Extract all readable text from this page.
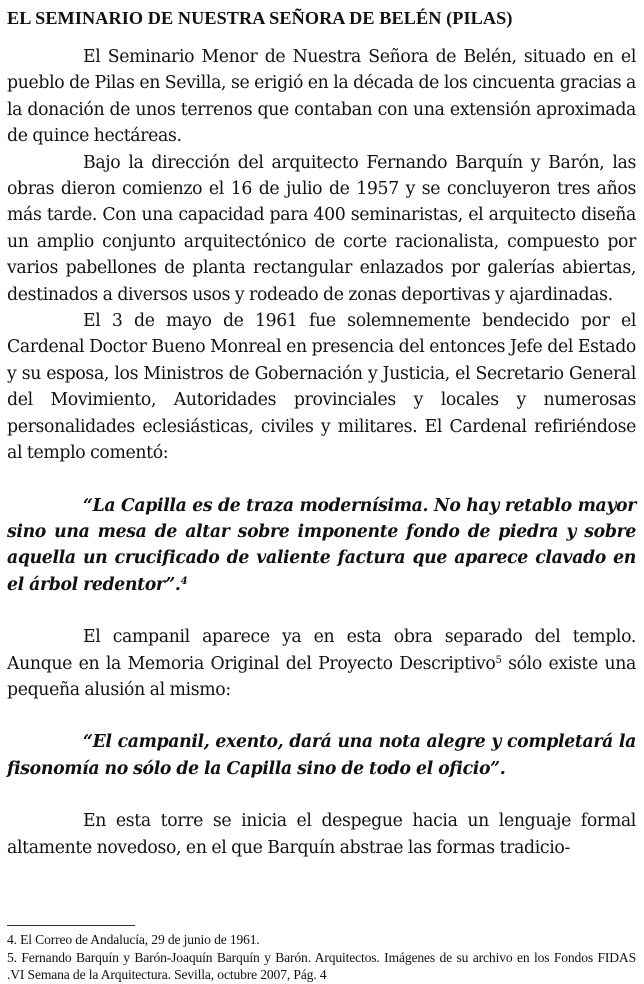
EL SEMINARIO DE NUESTRA SEÑORA DE BELÉN (PILAS)

El Seminario Menor de Nuestra Señora de Belén, situado en el pueblo de Pilas en Sevilla, se erigió en la década de los cincuenta gracias a la donación de unos terrenos que contaban con una extensión aproximada de quince hectáreas.

Bajo la dirección del arquitecto Fernando Barquín y Barón, las obras dieron comienzo el 16 de julio de 1957 y se concluyeron tres años más tarde. Con una capacidad para 400 seminaristas, el arquitecto diseña un amplio conjunto arquitectónico de corte racionalista, compuesto por varios pabellones de planta rectangular enlazados por galerías abiertas, destinados a diversos usos y rodeado de zonas deportivas y ajardinadas.

El 3 de mayo de 1961 fue solemnemente bendecido por el Cardenal Doctor Bueno Monreal en presencia del entonces Jefe del Estado y su esposa, los Ministros de Gobernación y Justicia, el Secretario General del Movimiento, Autoridades provinciales y locales y numerosas personalidades eclesiásticas, civiles y militares. El Cardenal refiriéndose al templo comentó:

“La Capilla es de traza modernísima. No hay retablo mayor sino una mesa de altar sobre imponente fondo de piedra y sobre aquella un crucificado de valiente factura que aparece clavado en el árbol redentor”.$^4$

El campanil aparece ya en esta obra separado del templo. Aunque en la Memoria Original del Proyecto Descriptivo$^5$ sólo existe una pequeña alusión al mismo:

“El campanil, exento, dará una nota alegre y completará la fisonomía no sólo de la Capilla sino de todo el oficio”.

En esta torre se inicia el despegue hacia un lenguaje formal altamente novedoso, en el que Barquín abstrae las formas tradicio-

4. El Correo de Andalucía, 29 de junio de 1961.

5. Fernando Barquín y Barón-Joaquín Barquín y Barón. Arquitectos. Imágenes de su archivo en los Fondos FIDAS .VI Semana de la Arquitectura. Sevilla, octubre 2007, Pág. 4
